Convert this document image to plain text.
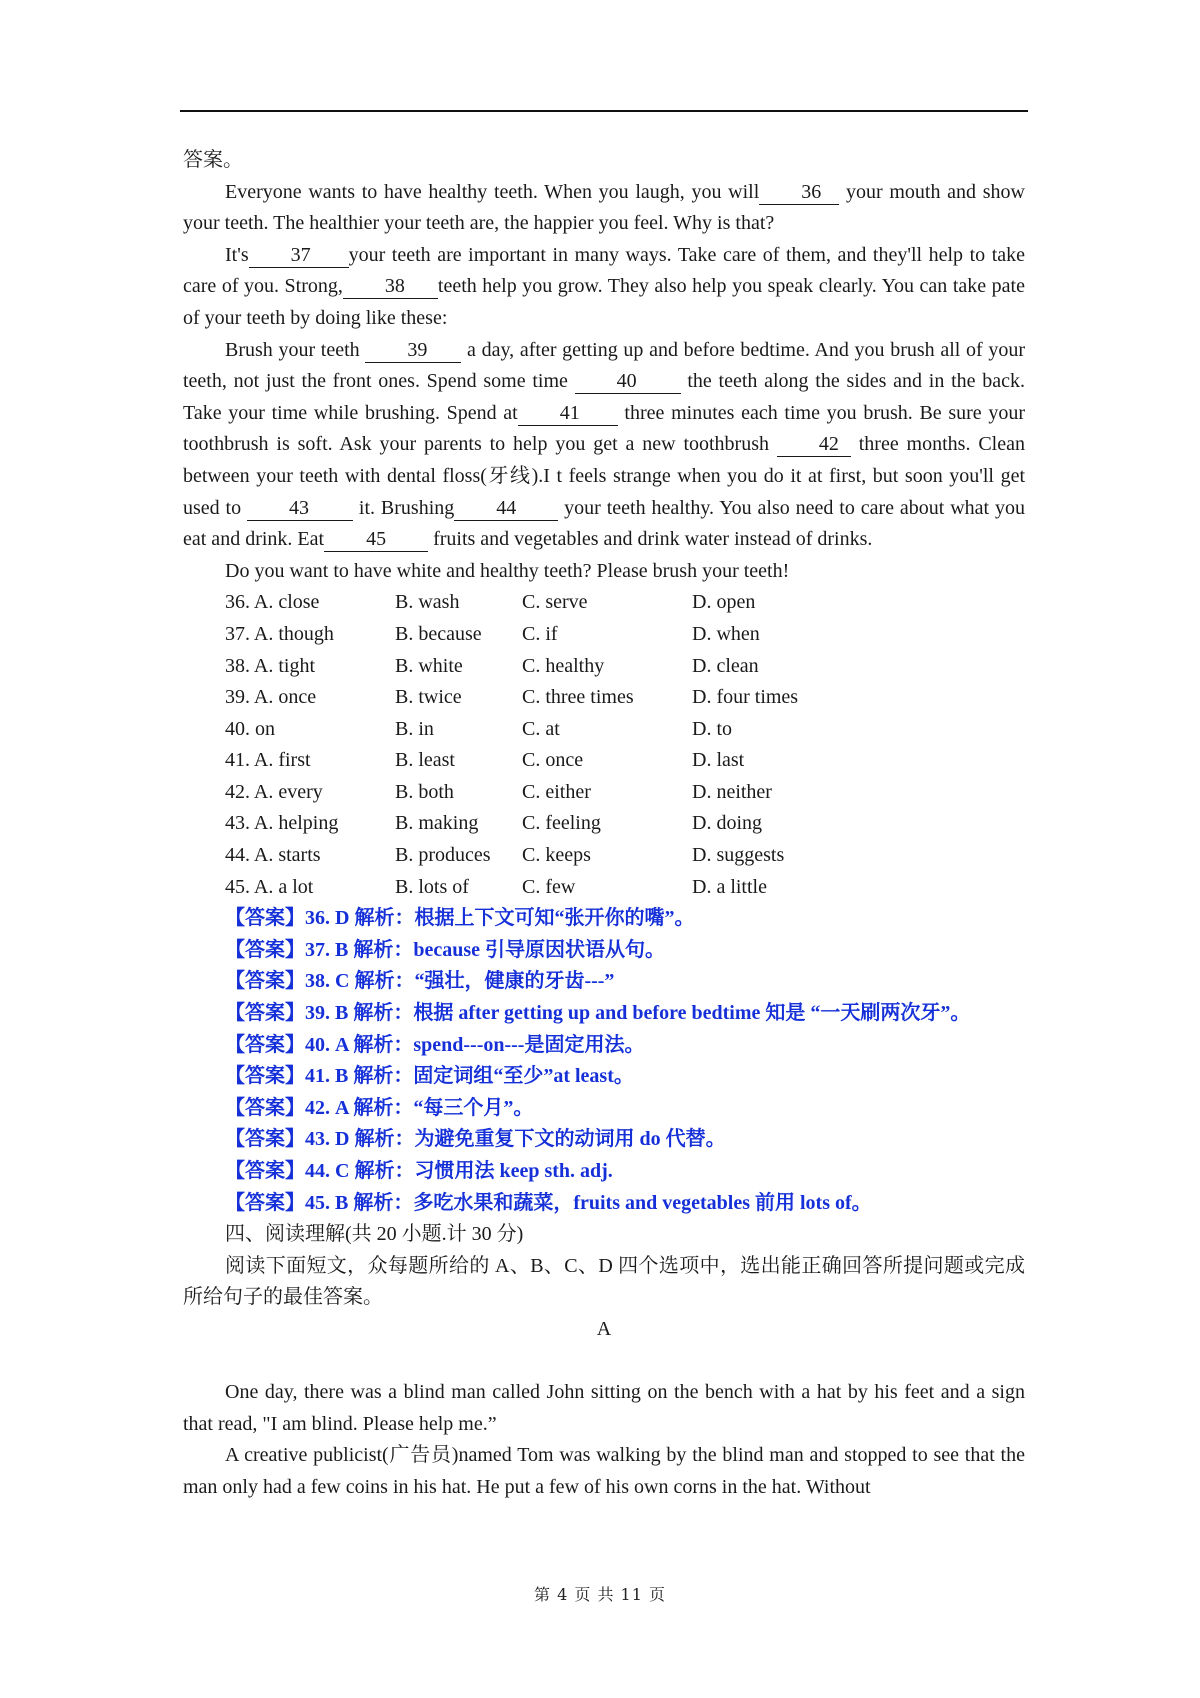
答案。

Everyone wants to have healthy teeth. When you laugh, you will 36 your mouth and show your teeth. The healthier your teeth are, the happier you feel. Why is that?

It's 37 your teeth are important in many ways. Take care of them, and they'll help to take care of you. Strong, 38 teeth help you grow. They also help you speak clearly. You can take pate of your teeth by doing like these:

Brush your teeth 39 a day, after getting up and before bedtime. And you brush all of your teeth, not just the front ones. Spend some time 40 the teeth along the sides and in the back. Take your time while brushing. Spend at 41 three minutes each time you brush. Be sure your toothbrush is soft. Ask your parents to help you get a new toothbrush 42 three months. Clean between your teeth with dental floss(牙线).I t feels strange when you do it at first, but soon you'll get used to 43 it. Brushing 44 your teeth healthy. You also need to care about what you eat and drink. Eat 45 fruits and vegetables and drink water instead of drinks.

Do you want to have white and healthy teeth? Please brush your teeth!

36. A. close	B. wash	C. serve	D. open
37. A. though	B. because	C. if	D. when
38. A. tight	B. white	C. healthy	D. clean
39. A. once	B. twice	C. three times	D. four times
40. on	B. in	C. at	D. to
41. A. first	B. least	C. once	D. last
42. A. every	B. both	C. either	D. neither
43. A. helping	B. making	C. feeling	D. doing
44. A. starts	B. produces	C. keeps	D. suggests
45. A. a lot	B. lots of	C. few	D. a little
【答案】36. D 解析：根据上下文可知“张开你的嘴”。
【答案】37. B 解析：because 引导原因状语从句。
【答案】38. C 解析：“强壮，健康的牙齿---”
【答案】39. B 解析：根据 after getting up and before bedtime 知是 “一天刷两次牙”。
【答案】40. A 解析：spend---on---是固定用法。
【答案】41. B 解析：固定词组“至少”at least。
【答案】42. A 解析：“每三个月”。
【答案】43. D 解析：为避免重复下文的动词用 do 代替。
【答案】44. C 解析：习惯用法 keep sth. adj.
【答案】45. B 解析：多吃水果和蔬菜，fruits and vegetables 前用 lots of。

四、阅读理解(共 20 小题.计 30 分)

阅读下面短文，众每题所给的 A、B、C、D 四个选项中，选出能正确回答所提问题或完成所给句子的最佳答案。

A

One day, there was a blind man called John sitting on the bench with a hat by his feet and a sign that read, "I am blind. Please help me.”

A creative publicist(广告员)named Tom was walking by the blind man and stopped to see that the man only had a few coins in his hat. He put a few of his own corns in the hat. Without

第 4 页 共 11 页
